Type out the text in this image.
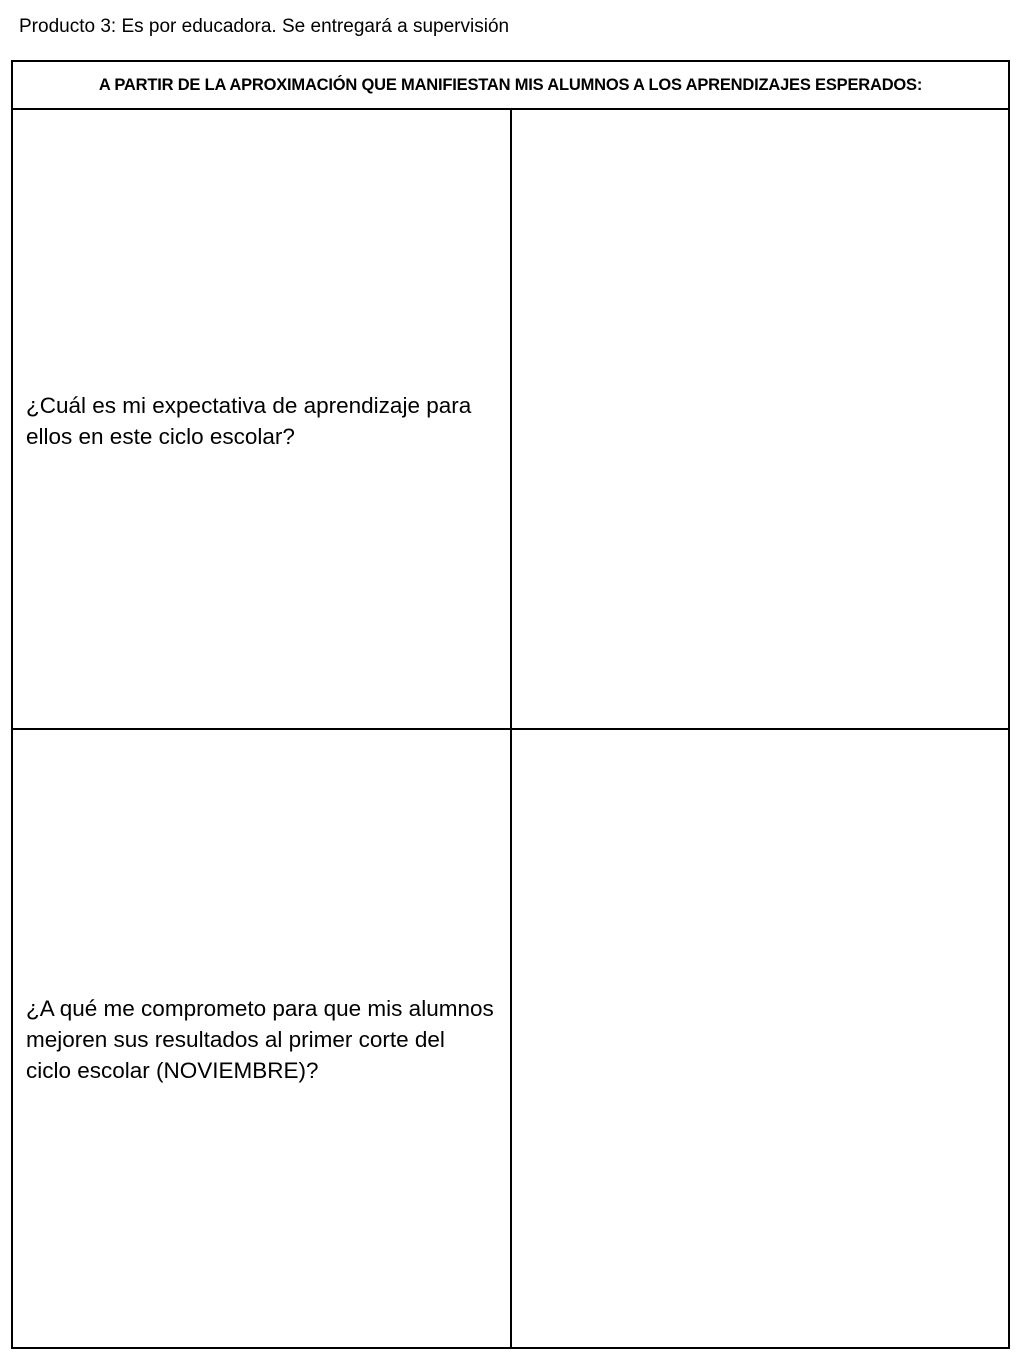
Producto 3: Es por educadora. Se entregará a supervisión
A PARTIR DE LA APROXIMACIÓN QUE MANIFIESTAN MIS ALUMNOS A LOS APRENDIZAJES ESPERADOS:
¿Cuál es mi expectativa de aprendizaje para ellos en este ciclo escolar?
¿A qué me comprometo para que mis alumnos mejoren sus resultados al primer corte del ciclo escolar (NOVIEMBRE)?
